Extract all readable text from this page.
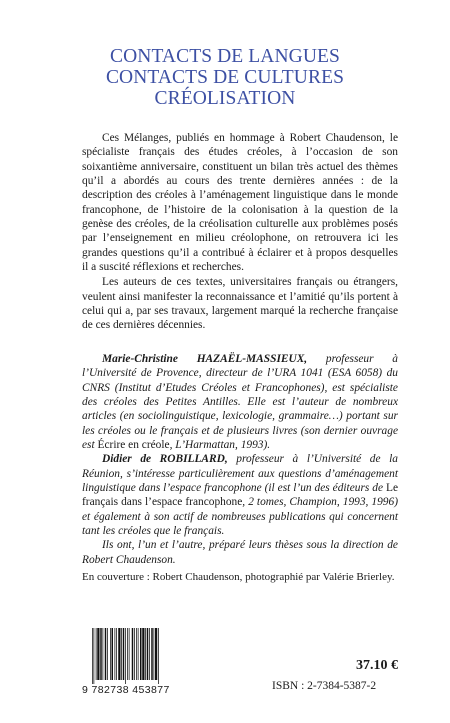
CONTACTS DE LANGUES
CONTACTS DE CULTURES
CRÉOLISATION

Ces Mélanges, publiés en hommage à Robert Chaudenson, le spécialiste français des études créoles, à l’occasion de son soixantième anniversaire, constituent un bilan très actuel des thèmes qu’il a abordés au cours des trente dernières années : de la description des créoles à l’aménagement linguistique dans le monde francophone, de l’histoire de la colonisation à la question de la genèse des créoles, de la créolisation culturelle aux problèmes posés par l’enseignement en milieu créolophone, on retrouvera ici les grandes questions qu’il a contribué à éclairer et à propos desquelles il a suscité réflexions et recherches.

Les auteurs de ces textes, universitaires français ou étrangers, veulent ainsi manifester la reconnaissance et l’amitié qu’ils portent à celui qui a, par ses travaux, largement marqué la recherche française de ces dernières décennies.

Marie-Christine HAZAËL-MASSIEUX, professeur à l’Université de Provence, directeur de l’URA 1041 (ESA 6058) du CNRS (Institut d’Etudes Créoles et Francophones), est spécialiste des créoles des Petites Antilles. Elle est l’auteur de nombreux articles (en sociolinguistique, lexicologie, grammaire…) portant sur les créoles ou le français et de plusieurs livres (son dernier ouvrage est Écrire en créole, L’Harmattan, 1993).

Didier de ROBILLARD, professeur à l’Université de la Réunion, s’intéresse particulièrement aux questions d’aménagement linguistique dans l’espace francophone (il est l’un des éditeurs de Le français dans l’espace francophone, 2 tomes, Champion, 1993, 1996) et également à son actif de nombreuses publications qui concernent tant les créoles que le français.

Ils ont, l’un et l’autre, préparé leurs thèses sous la direction de Robert Chaudenson.

En couverture : Robert Chaudenson, photographié par Valérie Brierley.
9 782738 453877
37.10 €
ISBN : 2-7384-5387-2
